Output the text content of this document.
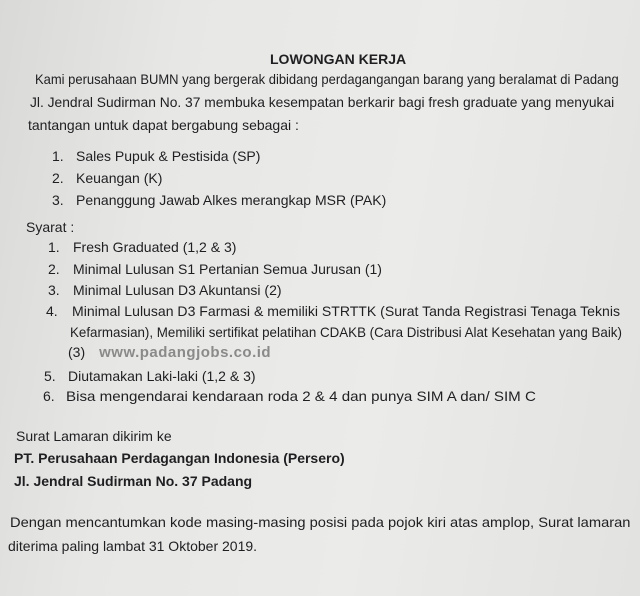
LOWONGAN KERJA
Kami perusahaan BUMN yang bergerak dibidang perdagangangan barang yang beralamat di Padang
Jl. Jendral Sudirman No. 37 membuka kesempatan berkarir bagi fresh graduate yang menyukai
tantangan untuk dapat bergabung sebagai :
1. Sales Pupuk & Pestisida (SP)
2. Keuangan (K)
3. Penanggung Jawab Alkes merangkap MSR (PAK)
Syarat :
1. Fresh Graduated (1,2 & 3)
2. Minimal Lulusan S1 Pertanian Semua Jurusan (1)
3. Minimal Lulusan D3 Akuntansi (2)
4. Minimal Lulusan D3 Farmasi & memiliki STRTTK (Surat Tanda Registrasi Tenaga Teknis
Kefarmasian), Memiliki sertifikat pelatihan CDAKB (Cara Distribusi Alat Kesehatan yang Baik)
(3) www.padangjobs.co.id
5. Diutamakan Laki-laki (1,2 & 3)
6. Bisa mengendarai kendaraan roda 2 & 4 dan punya SIM A dan/ SIM C
Surat Lamaran dikirim ke
PT. Perusahaan Perdagangan Indonesia (Persero)
Jl. Jendral Sudirman No. 37 Padang
Dengan mencantumkan kode masing-masing posisi pada pojok kiri atas amplop, Surat lamaran
diterima paling lambat 31 Oktober 2019.
